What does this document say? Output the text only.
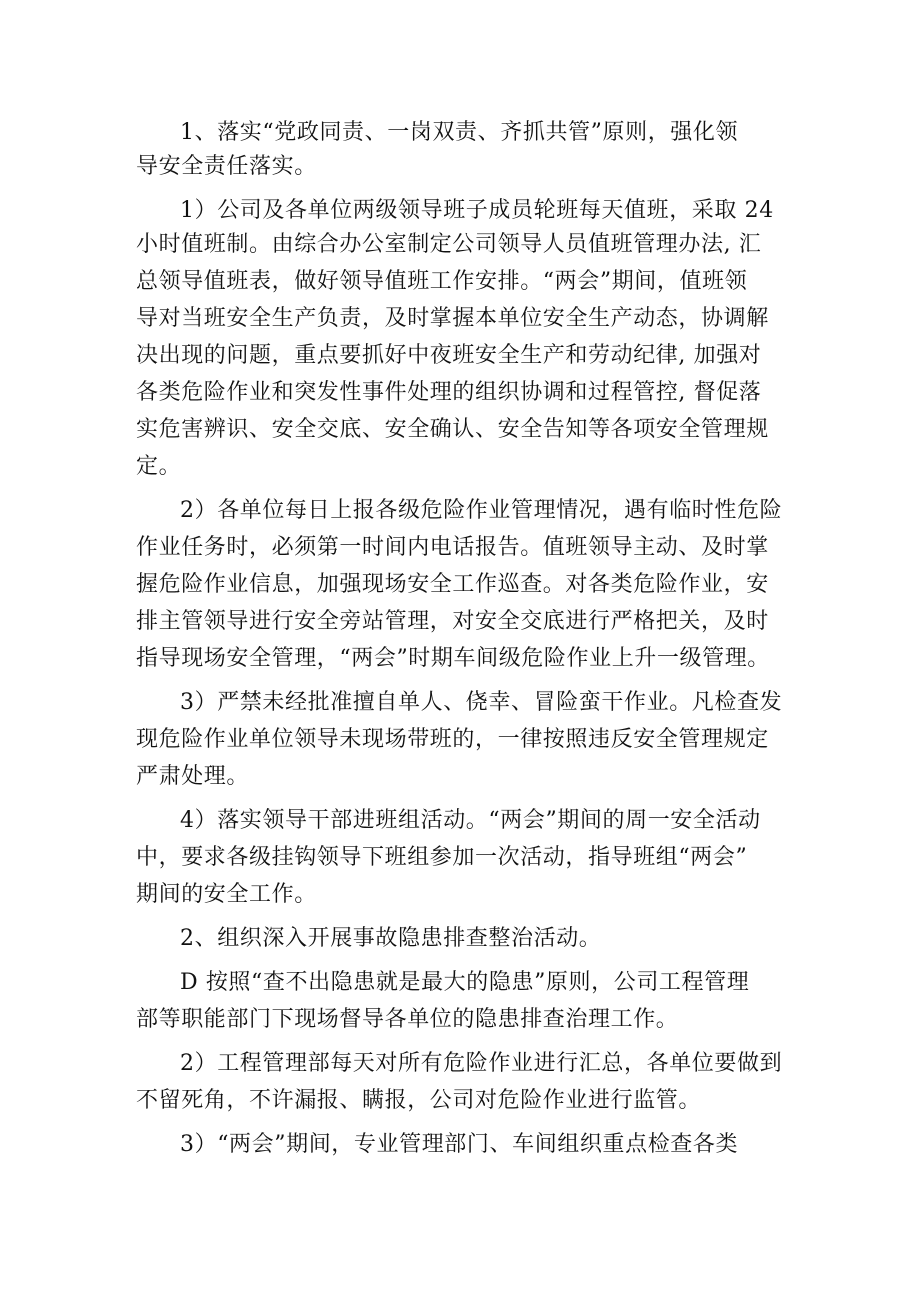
1、落实“党政同责、一岗双责、齐抓共管”原则，强化领
导安全责任落实。
1）公司及各单位两级领导班子成员轮班每天值班，采取 24
小时值班制。由综合办公室制定公司领导人员值班管理办法, 汇
总领导值班表，做好领导值班工作安排。“两会”期间，值班领
导对当班安全生产负责，及时掌握本单位安全生产动态，协调解
决出现的问题，重点要抓好中夜班安全生产和劳动纪律, 加强对
各类危险作业和突发性事件处理的组织协调和过程管控, 督促落
实危害辨识、安全交底、安全确认、安全告知等各项安全管理规
定。
2）各单位每日上报各级危险作业管理情况，遇有临时性危险
作业任务时，必须第一时间内电话报告。值班领导主动、及时掌
握危险作业信息，加强现场安全工作巡查。对各类危险作业，安
排主管领导进行安全旁站管理，对安全交底进行严格把关，及时
指导现场安全管理，“两会”时期车间级危险作业上升一级管理。
3）严禁未经批准擅自单人、侥幸、冒险蛮干作业。凡检查发
现危险作业单位领导未现场带班的，一律按照违反安全管理规定
严肃处理。
4）落实领导干部进班组活动。“两会”期间的周一安全活动
中，要求各级挂钩领导下班组参加一次活动，指导班组“两会”
期间的安全工作。
2、组织深入开展事故隐患排查整治活动。
D 按照“查不出隐患就是最大的隐患”原则，公司工程管理
部等职能部门下现场督导各单位的隐患排查治理工作。
2）工程管理部每天对所有危险作业进行汇总，各单位要做到
不留死角，不许漏报、瞒报，公司对危险作业进行监管。
3）“两会”期间，专业管理部门、车间组织重点检查各类
